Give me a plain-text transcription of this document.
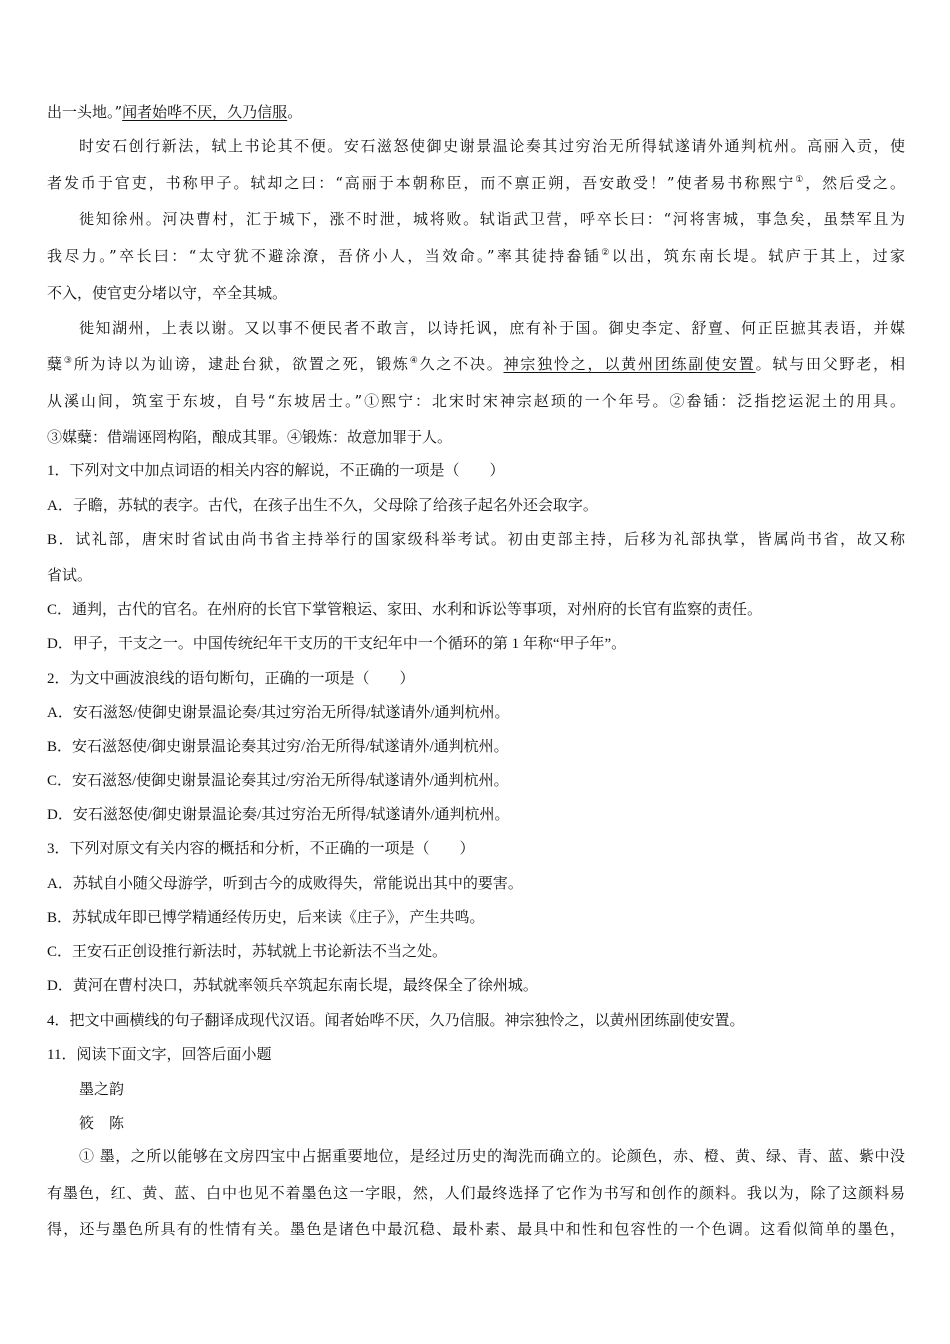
出一头地。”闻者始哗不厌，久乃信服。
时安石创行新法，轼上书论其不便。安石滋怒使御史谢景温论奏其过穷治无所得轼遂请外通判杭州。高丽入贡，使
者发币于官吏，书称甲子。轼却之曰：“高丽于本朝称臣，而不禀正朔，吾安敢受！”使者易书称熙宁①，然后受之。
徙知徐州。河决曹村，汇于城下，涨不时泄，城将败。轼诣武卫营，呼卒长曰：“河将害城，事急矣，虽禁军且为
我尽力。”卒长曰：“太守犹不避涂潦，吾侪小人，当效命。”率其徒持畚锸②以出，筑东南长堤。轼庐于其上，过家
不入，使官吏分堵以守，卒全其城。
徙知湖州，上表以谢。又以事不便民者不敢言，以诗托讽，庶有补于国。御史李定、舒亶、何正臣摭其表语，并媒
糵③所为诗以为讪谤，逮赴台狱，欲置之死，锻炼④久之不决。神宗独怜之，以黄州团练副使安置。轼与田父野老，相
从溪山间，筑室于东坡，自号“东坡居士。”①熙宁：北宋时宋神宗赵顼的一个年号。②畚锸：泛指挖运泥土的用具。
③媒糵：借端诬罔构陷，酿成其罪。④锻炼：故意加罪于人。
1．下列对文中加点词语的相关内容的解说，不正确的一项是（　　）
A．子瞻，苏轼的表字。古代，在孩子出生不久，父母除了给孩子起名外还会取字。
B．试礼部，唐宋时省试由尚书省主持举行的国家级科举考试。初由吏部主持，后移为礼部执掌，皆属尚书省，故又称
省试。
C．通判，古代的官名。在州府的长官下掌管粮运、家田、水利和诉讼等事项，对州府的长官有监察的责任。
D．甲子，干支之一。中国传统纪年干支历的干支纪年中一个循环的第 1 年称“甲子年”。
2．为文中画波浪线的语句断句，正确的一项是（　　）
A．安石滋怒/使御史谢景温论奏/其过穷治无所得/轼遂请外/通判杭州。
B．安石滋怒使/御史谢景温论奏其过穷/治无所得/轼遂请外/通判杭州。
C．安石滋怒/使御史谢景温论奏其过/穷治无所得/轼遂请外/通判杭州。
D．安石滋怒使/御史谢景温论奏/其过穷治无所得/轼遂请外/通判杭州。
3．下列对原文有关内容的概括和分析，不正确的一项是（　　）
A．苏轼自小随父母游学，听到古今的成败得失，常能说出其中的要害。
B．苏轼成年即已博学精通经传历史，后来读《庄子》，产生共鸣。
C．王安石正创设推行新法时，苏轼就上书论新法不当之处。
D．黄河在曹村决口，苏轼就率领兵卒筑起东南长堤，最终保全了徐州城。
4．把文中画横线的句子翻译成现代汉语。闻者始哗不厌，久乃信服。神宗独怜之，以黄州团练副使安置。
11．阅读下面文字，回答后面小题
墨之韵
筱　陈
① 墨，之所以能够在文房四宝中占据重要地位，是经过历史的淘洗而确立的。论颜色，赤、橙、黄、绿、青、蓝、紫中没
有墨色，红、黄、蓝、白中也见不着墨色这一字眼，然，人们最终选择了它作为书写和创作的颜料。我以为，除了这颜料易
得，还与墨色所具有的性情有关。墨色是诸色中最沉稳、最朴素、最具中和性和包容性的一个色调。这看似简单的墨色，
